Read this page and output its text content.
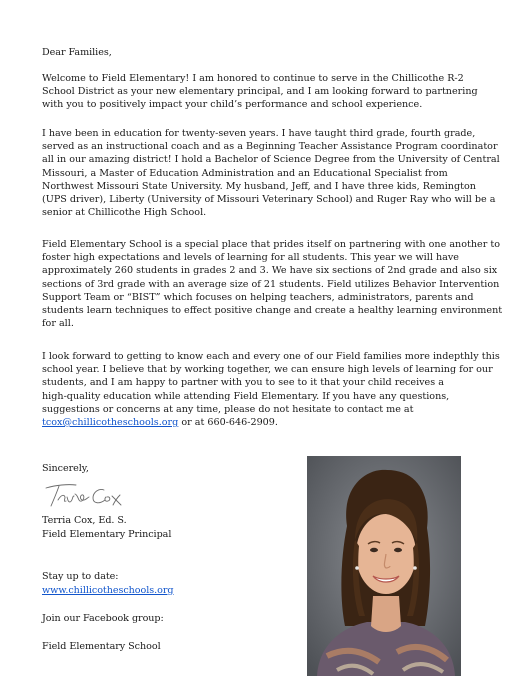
Dear Families,
Welcome to Field Elementary! I am honored to continue to serve in the Chillicothe R-2
School District as your new elementary principal, and I am looking forward to partnering
with you to positively impact your child’s performance and school experience.
I have been in education for twenty-seven years. I have taught third grade, fourth grade,
served as an instructional coach and as a Beginning Teacher Assistance Program coordinator
all in our amazing district! I hold a Bachelor of Science Degree from the University of Central
Missouri, a Master of Education Administration and an Educational Specialist from
Northwest Missouri State University. My husband, Jeff, and I have three kids, Remington
(UPS driver), Liberty (University of Missouri Veterinary School) and Ruger Ray who will be a
senior at Chillicothe High School.
Field Elementary School is a special place that prides itself on partnering with one another to
foster high expectations and levels of learning for all students. This year we will have
approximately 260 students in grades 2 and 3. We have six sections of 2nd grade and also six
sections of 3rd grade with an average size of 21 students. Field utilizes Behavior Intervention
Support Team or “BIST” which focuses on helping teachers, administrators, parents and
students learn techniques to effect positive change and create a healthy learning environment
for all.
I look forward to getting to know each and every one of our Field families more indepthly this
school year. I believe that by working together, we can ensure high levels of learning for our
students, and I am happy to partner with you to see to it that your child receives a
high-quality education while attending Field Elementary. If you have any questions,
suggestions or concerns at any time, please do not hesitate to contact me at
tcox@chillicotheschools.org or at 660-646-2909.
Sincerely,
Terria Cox, Ed. S.
Field Elementary Principal
Stay up to date:
www.chillicotheschools.org
Join our Facebook group:
Field Elementary School
